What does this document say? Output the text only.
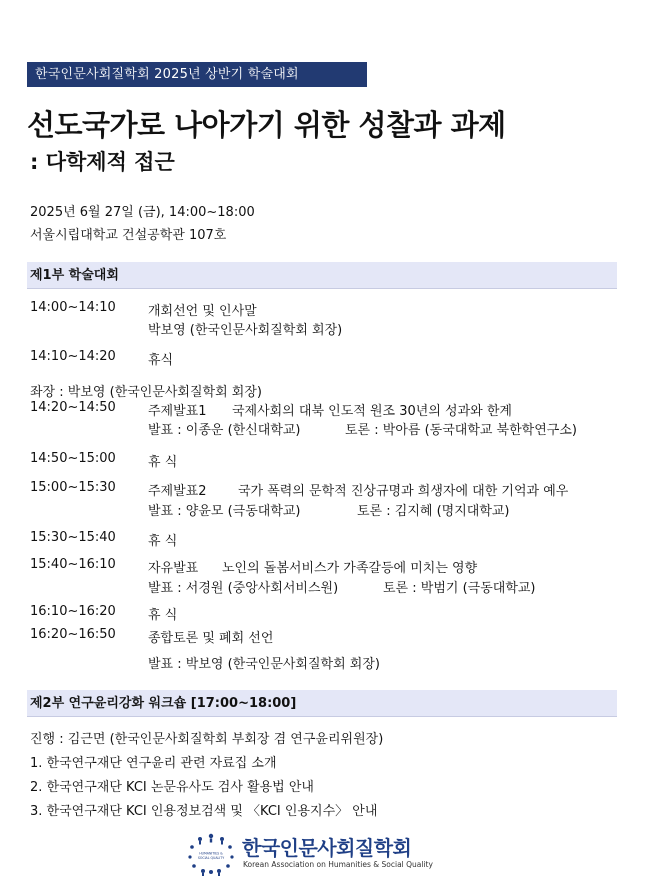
한국인문사회질학회 2025년 상반기 학술대회
선도국가로 나아가기 위한 성찰과 과제
: 다학제적 접근
2025년 6월 27일 (금), 14:00~18:00
서울시립대학교 건설공학관 107호
제1부 학술대회
14:00~14:10 개회선언 및 인사말
박보영 (한국인문사회질학회 회장)
14:10~14:20 휴식
좌장 : 박보영 (한국인문사회질학회 회장)
14:20~14:50 주제발표1 국제사회의 대북 인도적 원조 30년의 성과와 한계
발표 : 이종운 (한신대학교)	토론 : 박아름 (동국대학교 북한학연구소)
14:50~15:00 휴 식
15:00~15:30 주제발표2 국가 폭력의 문학적 진상규명과 희생자에 대한 기억과 예우
발표 : 양윤모 (극동대학교)	토론 : 김지혜 (명지대학교)
15:30~15:40 휴 식
15:40~16:10 자유발표 노인의 돌봄서비스가 가족갈등에 미치는 영향
발표 : 서경원 (중앙사회서비스원)	토론 : 박범기 (극동대학교)
16:10~16:20 휴 식
16:20~16:50 종합토론 및 폐회 선언
발표 : 박보영 (한국인문사회질학회 회장)
제2부 연구윤리강화 워크숍 [17:00~18:00]
진행 : 김근면 (한국인문사회질학회 부회장 겸 연구윤리위원장)
1. 한국연구재단 연구윤리 관련 자료집 소개
2. 한국연구재단 KCI 논문유사도 검사 활용법 안내
3. 한국연구재단 KCI 인용정보검색 및 〈KCI 인용지수〉 안내
HUMANITIES &
SOCIAL QUALITY 한국인문사회질학회
Korean Association on Humanities & Social Quality
